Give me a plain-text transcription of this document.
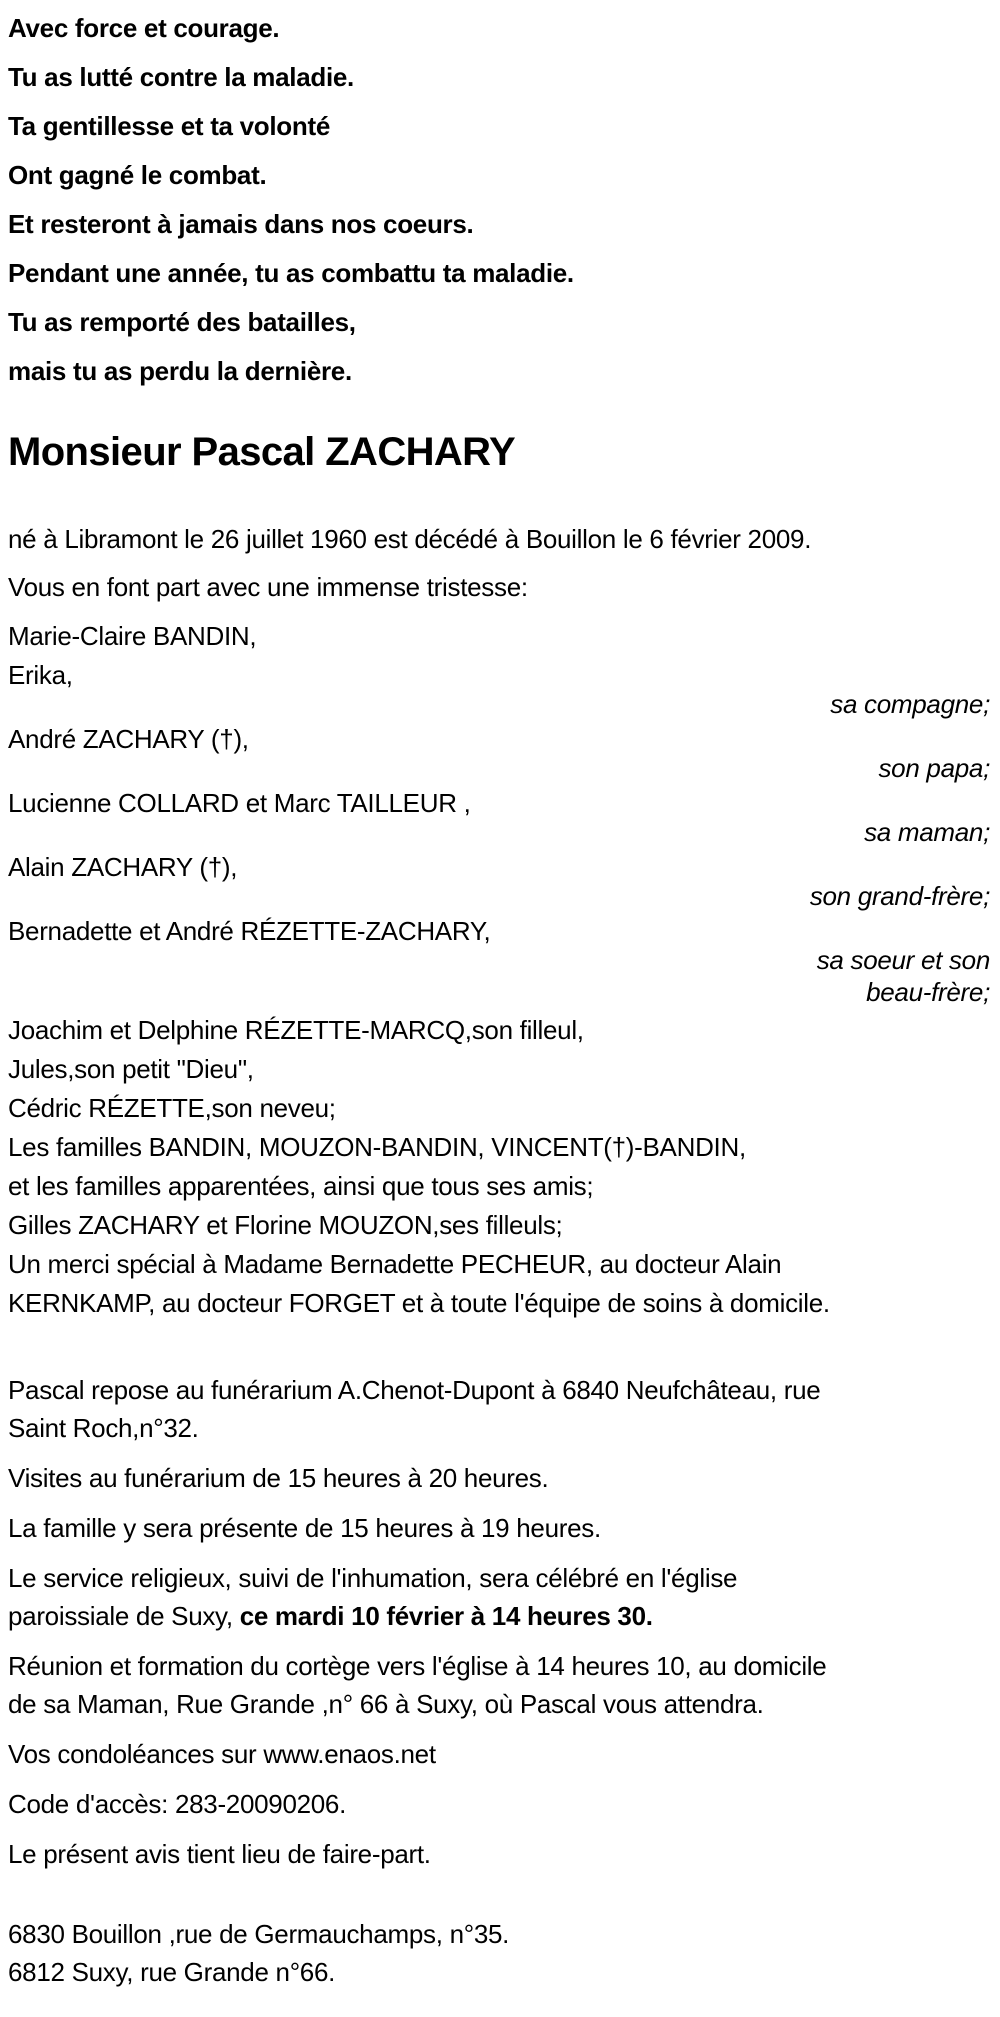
Avec force et courage.
Tu as lutté contre la maladie.
Ta gentillesse et ta volonté
Ont gagné le combat.
Et resteront à jamais dans nos coeurs.
Pendant une année, tu as combattu ta maladie.
Tu as remporté des batailles,
mais tu as perdu la dernière.
Monsieur Pascal ZACHARY
né à Libramont le 26 juillet 1960 est décédé à Bouillon le 6 février 2009.
Vous en font part avec une immense tristesse:
Marie-Claire BANDIN,
Erika,
sa compagne;
André ZACHARY (†),
son papa;
Lucienne COLLARD et Marc TAILLEUR ,
sa maman;
Alain ZACHARY (†),
son grand-frère;
Bernadette et André RÉZETTE-ZACHARY,
sa soeur et son
beau-frère;
Joachim et Delphine RÉZETTE-MARCQ,son filleul,
Jules,son petit "Dieu",
Cédric RÉZETTE,son neveu;
Les familles BANDIN, MOUZON-BANDIN, VINCENT(†)-BANDIN,
et les familles apparentées, ainsi que tous ses amis;
Gilles ZACHARY et Florine MOUZON,ses filleuls;
Un merci spécial à Madame Bernadette PECHEUR, au docteur Alain
KERNKAMP, au docteur FORGET et à toute l'équipe de soins à domicile.

Pascal repose au funérarium A.Chenot-Dupont à 6840 Neufchâteau, rue
Saint Roch,n°32.

Visites au funérarium de 15 heures à 20 heures.

La famille y sera présente de 15 heures à 19 heures.

Le service religieux, suivi de l'inhumation, sera célébré en l'église
paroissiale de Suxy, ce mardi 10 février à 14 heures 30.

Réunion et formation du cortège vers l'église à 14 heures 10, au domicile
de sa Maman, Rue Grande ,n° 66 à Suxy, où Pascal vous attendra.

Vos condoléances sur www.enaos.net

Code d'accès: 283-20090206.

Le présent avis tient lieu de faire-part.

6830 Bouillon ,rue de Germauchamps, n°35.
6812 Suxy, rue Grande n°66.
